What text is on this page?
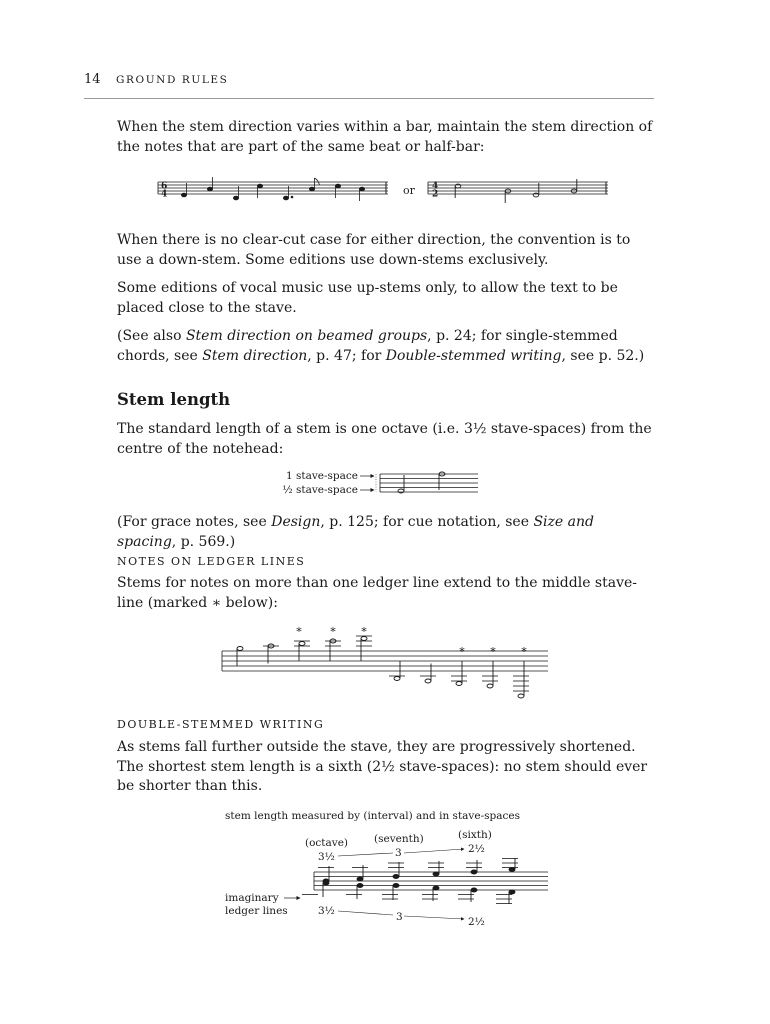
14 GROUND RULES
When the stem direction varies within a bar, maintain the stem direction of the notes that are part of the same beat or half-bar:
When there is no clear-cut case for either direction, the convention is to use a down-stem. Some editions use down-stems exclusively.
Some editions of vocal music use up-stems only, to allow the text to be placed close to the stave.
(See also Stem direction on beamed groups, p. 24; for single-stemmed chords, see Stem direction, p. 47; for Double-stemmed writing, see p. 52.)
Stem length
The standard length of a stem is one octave (i.e. 3½ stave-spaces) from the centre of the notehead:
(For grace notes, see Design, p. 125; for cue notation, see Size and spacing, p. 569.)
NOTES ON LEDGER LINES
Stems for notes on more than one ledger line extend to the middle stave-line (marked ∗ below):
DOUBLE-STEMMED WRITING
As stems fall further outside the stave, they are progressively shortened. The shortest stem length is a sixth (2½ stave-spaces): no stem should ever be shorter than this.
6
4	or 4
2
1 stave-space
½ stave-space
∗ ∗ ∗
∗ ∗ ∗
stem length measured by (interval) and in stave-spaces
(octave)
3½
(seventh)
3
(sixth)
2½
3½	3	2½
imaginary
ledger lines
